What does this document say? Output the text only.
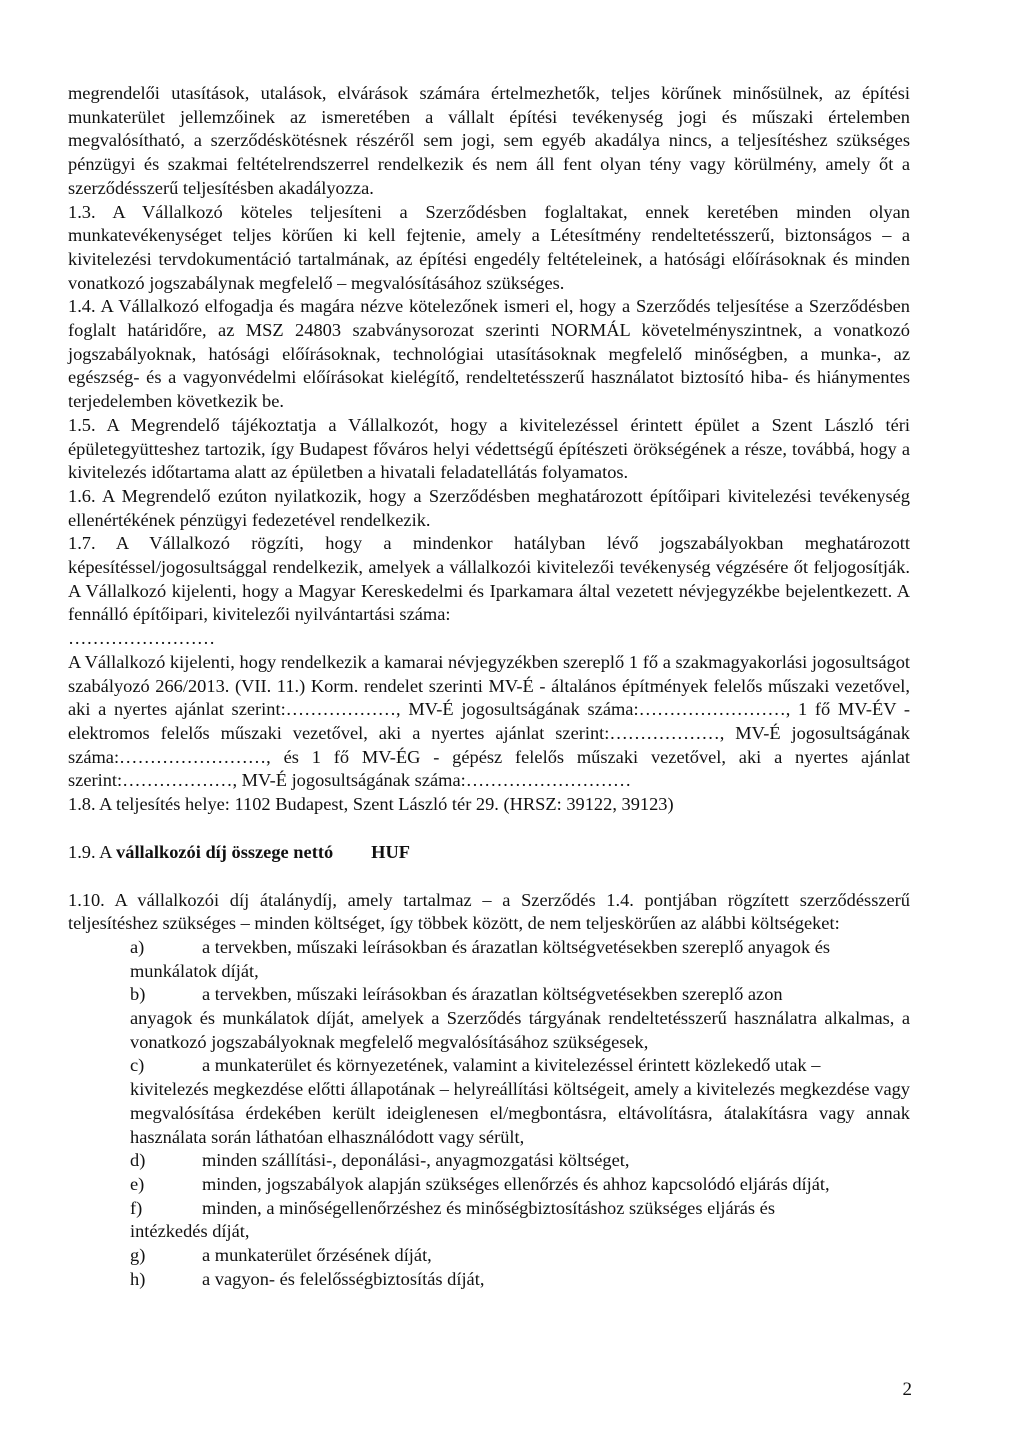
megrendelői utasítások, utalások, elvárások számára értelmezhetők, teljes körűnek minősülnek, az építési munkaterület jellemzőinek az ismeretében a vállalt építési tevékenység jogi és műszaki értelemben megvalósítható, a szerződéskötésnek részéről sem jogi, sem egyéb akadálya nincs, a teljesítéshez szükséges pénzügyi és szakmai feltételrendszerrel rendelkezik és nem áll fent olyan tény vagy körülmény, amely őt a szerződésszerű teljesítésben akadályozza.

1.3. A Vállalkozó köteles teljesíteni a Szerződésben foglaltakat, ennek keretében minden olyan munkatevékenységet teljes körűen ki kell fejtenie, amely a Létesítmény rendeltetésszerű, biztonságos – a kivitelezési tervdokumentáció tartalmának, az építési engedély feltételeinek, a hatósági előírásoknak és minden vonatkozó jogszabálynak megfelelő – megvalósításához szükséges.

1.4. A Vállalkozó elfogadja és magára nézve kötelezőnek ismeri el, hogy a Szerződés teljesítése a Szerződésben foglalt határidőre, az MSZ 24803 szabványsorozat szerinti NORMÁL követelményszintnek, a vonatkozó jogszabályoknak, hatósági előírásoknak, technológiai utasításoknak megfelelő minőségben, a munka-, az egészség- és a vagyonvédelmi előírásokat kielégítő, rendeltetésszerű használatot biztosító hiba- és hiánymentes terjedelemben következik be.

1.5. A Megrendelő tájékoztatja a Vállalkozót, hogy a kivitelezéssel érintett épület a Szent László téri épületegyütteshez tartozik, így Budapest főváros helyi védettségű építészeti örökségének a része, továbbá, hogy a kivitelezés időtartama alatt az épületben a hivatali feladatellátás folyamatos.

1.6. A Megrendelő ezúton nyilatkozik, hogy a Szerződésben meghatározott építőipari kivitelezési tevékenység ellenértékének pénzügyi fedezetével rendelkezik.

1.7. A Vállalkozó rögzíti, hogy a mindenkor hatályban lévő jogszabályokban meghatározott képesítéssel/jogosultsággal rendelkezik, amelyek a vállalkozói kivitelezői tevékenység végzésére őt feljogosítják. A Vállalkozó kijelenti, hogy a Magyar Kereskedelmi és Iparkamara által vezetett névjegyzékbe bejelentkezett. A fennálló építőipari, kivitelezői nyilvántartási száma:

……………………

A Vállalkozó kijelenti, hogy rendelkezik a kamarai névjegyzékben szereplő 1 fő a szakmagyakorlási jogosultságot szabályozó 266/2013. (VII. 11.) Korm. rendelet szerinti MV-É - általános építmények felelős műszaki vezetővel, aki a nyertes ajánlat szerint:………………, MV-É jogosultságának száma:……………………, 1 fő MV-ÉV - elektromos felelős műszaki vezetővel, aki a nyertes ajánlat szerint:………………, MV-É jogosultságának száma:……………………, és 1 fő MV-ÉG - gépész felelős műszaki vezetővel, aki a nyertes ajánlat szerint:………………, MV-É jogosultságának száma:………………………

1.8. A teljesítés helye: 1102 Budapest, Szent László tér 29. (HRSZ: 39122, 39123)

1.9. A vállalkozói díj összege nettó HUF

1.10. A vállalkozói díj átalánydíj, amely tartalmaz – a Szerződés 1.4. pontjában rögzített szerződésszerű teljesítéshez szükséges – minden költséget, így többek között, de nem teljeskörűen az alábbi költségeket:

a)	a tervekben, műszaki leírásokban és árazatlan költségvetésekben szereplő anyagok és
munkálatok díját,
b)	a tervekben, műszaki leírásokban és árazatlan költségvetésekben szereplő azon
anyagok és munkálatok díját, amelyek a Szerződés tárgyának rendeltetésszerű használatra alkalmas, a vonatkozó jogszabályoknak megfelelő megvalósításához szükségesek,
c)	a munkaterület és környezetének, valamint a kivitelezéssel érintett közlekedő utak –
kivitelezés megkezdése előtti állapotának – helyreállítási költségeit, amely a kivitelezés megkezdése vagy megvalósítása érdekében került ideiglenesen el/megbontásra, eltávolításra, átalakításra vagy annak használata során láthatóan elhasználódott vagy sérült,
d)	minden szállítási-, deponálási-, anyagmozgatási költséget,
e)	minden, jogszabályok alapján szükséges ellenőrzés és ahhoz kapcsolódó eljárás díját,
f)	minden, a minőségellenőrzéshez és minőségbiztosításhoz szükséges eljárás és
intézkedés díját,
g)	a munkaterület őrzésének díját,
h)	a vagyon- és felelősségbiztosítás díját,
2
